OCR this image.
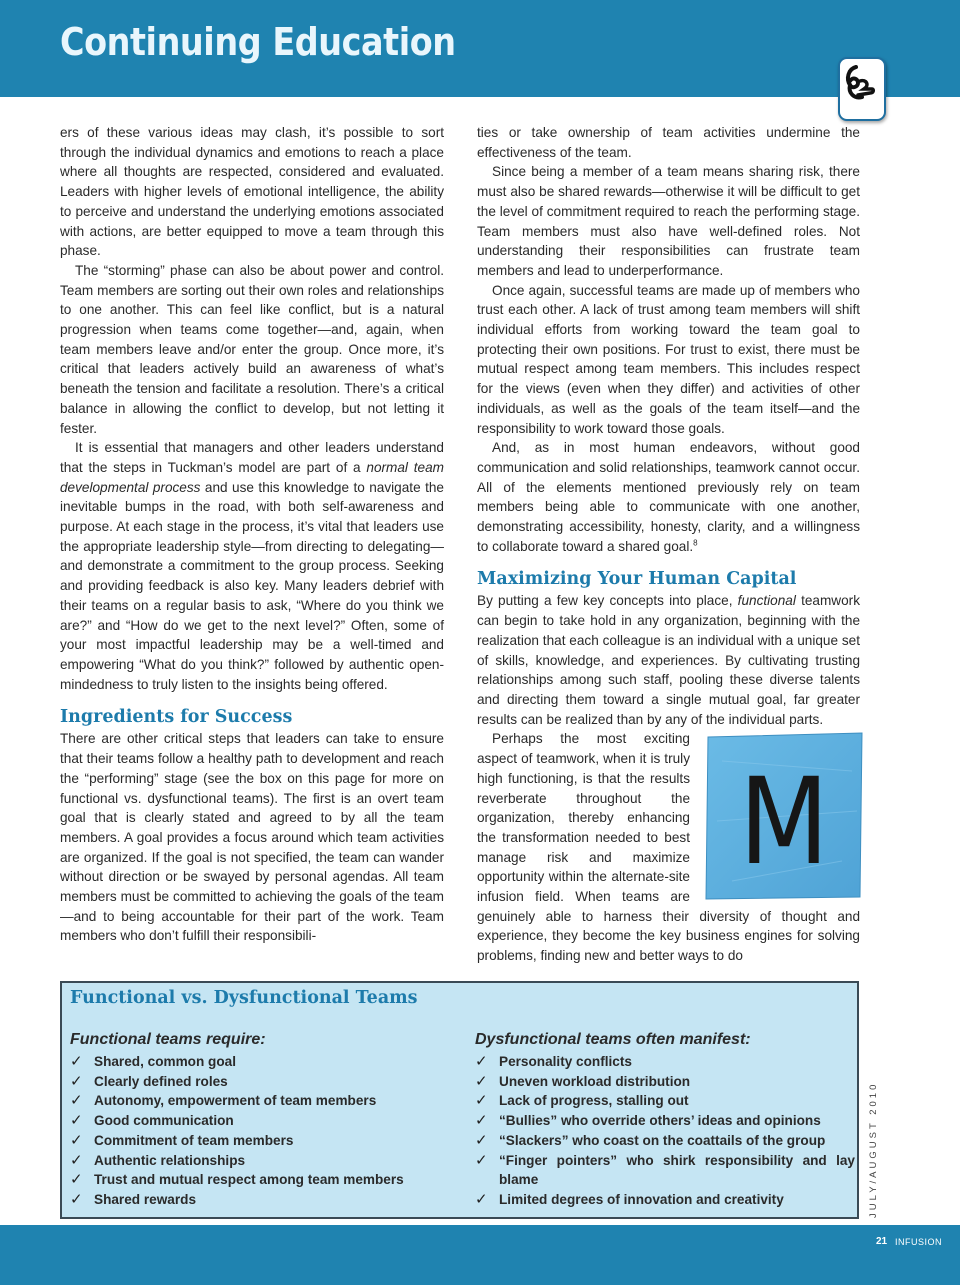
Continuing Education

ers of these various ideas may clash, it’s possible to sort through the individual dynamics and emotions to reach a place where all thoughts are respected, considered and evaluated. Leaders with higher levels of emotional intelligence, the ability to perceive and understand the underlying emotions associated with actions, are better equipped to move a team through this phase.

The “storming” phase can also be about power and control. Team members are sorting out their own roles and relationships to one another. This can feel like conflict, but is a natural progression when teams come together—and, again, when team members leave and/or enter the group. Once more, it’s critical that leaders actively build an awareness of what’s beneath the tension and facilitate a resolution. There’s a critical balance in allowing the conflict to develop, but not letting it fester.

It is essential that managers and other leaders understand that the steps in Tuckman’s model are part of a normal team developmental process and use this knowledge to navigate the inevitable bumps in the road, with both self-awareness and purpose. At each stage in the process, it’s vital that leaders use the appropriate leadership style—from directing to delegating—and demonstrate a commitment to the group process. Seeking and providing feedback is also key. Many leaders debrief with their teams on a regular basis to ask, “Where do you think we are?” and “How do we get to the next level?” Often, some of your most impactful leadership may be a well-timed and empowering “What do you think?” followed by authentic open-mindedness to truly listen to the insights being offered.

Ingredients for Success

There are other critical steps that leaders can take to ensure that their teams follow a healthy path to development and reach the “performing” stage (see the box on this page for more on functional vs. dysfunctional teams). The first is an overt team goal that is clearly stated and agreed to by all the team members. A goal provides a focus around which team activities are organized. If the goal is not specified, the team can wander without direction or be swayed by personal agendas. All team members must be committed to achieving the goals of the team—and to being accountable for their part of the work. Team members who don’t fulfill their responsibili-

ties or take ownership of team activities undermine the effectiveness of the team.

Since being a member of a team means sharing risk, there must also be shared rewards—otherwise it will be difficult to get the level of commitment required to reach the performing stage. Team members must also have well-defined roles. Not understanding their responsibilities can frustrate team members and lead to underperformance.

Once again, successful teams are made up of members who trust each other. A lack of trust among team members will shift individual efforts from working toward the team goal to protecting their own positions. For trust to exist, there must be mutual respect among team members. This includes respect for the views (even when they differ) and activities of other individuals, as well as the goals of the team itself—and the responsibility to work toward those goals.

And, as in most human endeavors, without good communication and solid relationships, teamwork cannot occur. All of the elements mentioned previously rely on team members being able to communicate with one another, demonstrating accessibility, honesty, clarity, and a willingness to collaborate toward a shared goal.$^8$

Maximizing Your Human Capital

By putting a few key concepts into place, functional teamwork can begin to take hold in any organization, beginning with the realization that each colleague is an individual with a unique set of skills, knowledge, and experiences. By cultivating trusting relationships among such staff, pooling these diverse talents and directing them toward a single mutual goal, far greater results can be realized than by any of the individual parts.

M
Perhaps the most exciting aspect of teamwork, when it is truly high functioning, is that the results reverberate throughout the organization, thereby enhancing the transformation needed to best manage risk and maximize opportunity within the alternate-site infusion field. When teams are genuinely able to harness their diversity of thought and experience, they become the key business engines for solving problems, finding new and better ways to do

Functional vs. Dysfunctional Teams

Functional teams require:

✓ Shared, common goal
✓ Clearly defined roles
✓ Autonomy, empowerment of team members
✓ Good communication
✓ Commitment of team members
✓ Authentic relationships
✓ Trust and mutual respect among team members
✓ Shared rewards

Dysfunctional teams often manifest:

✓ Personality conflicts
✓ Uneven workload distribution
✓ Lack of progress, stalling out
✓ “Bullies” who override others’ ideas and opinions
✓ “Slackers” who coast on the coattails of the group
✓ “Finger pointers” who shirk responsibility and lay blame
✓ Limited degrees of innovation and creativity	JULY/AUGUST 2010
21 INFUSION
